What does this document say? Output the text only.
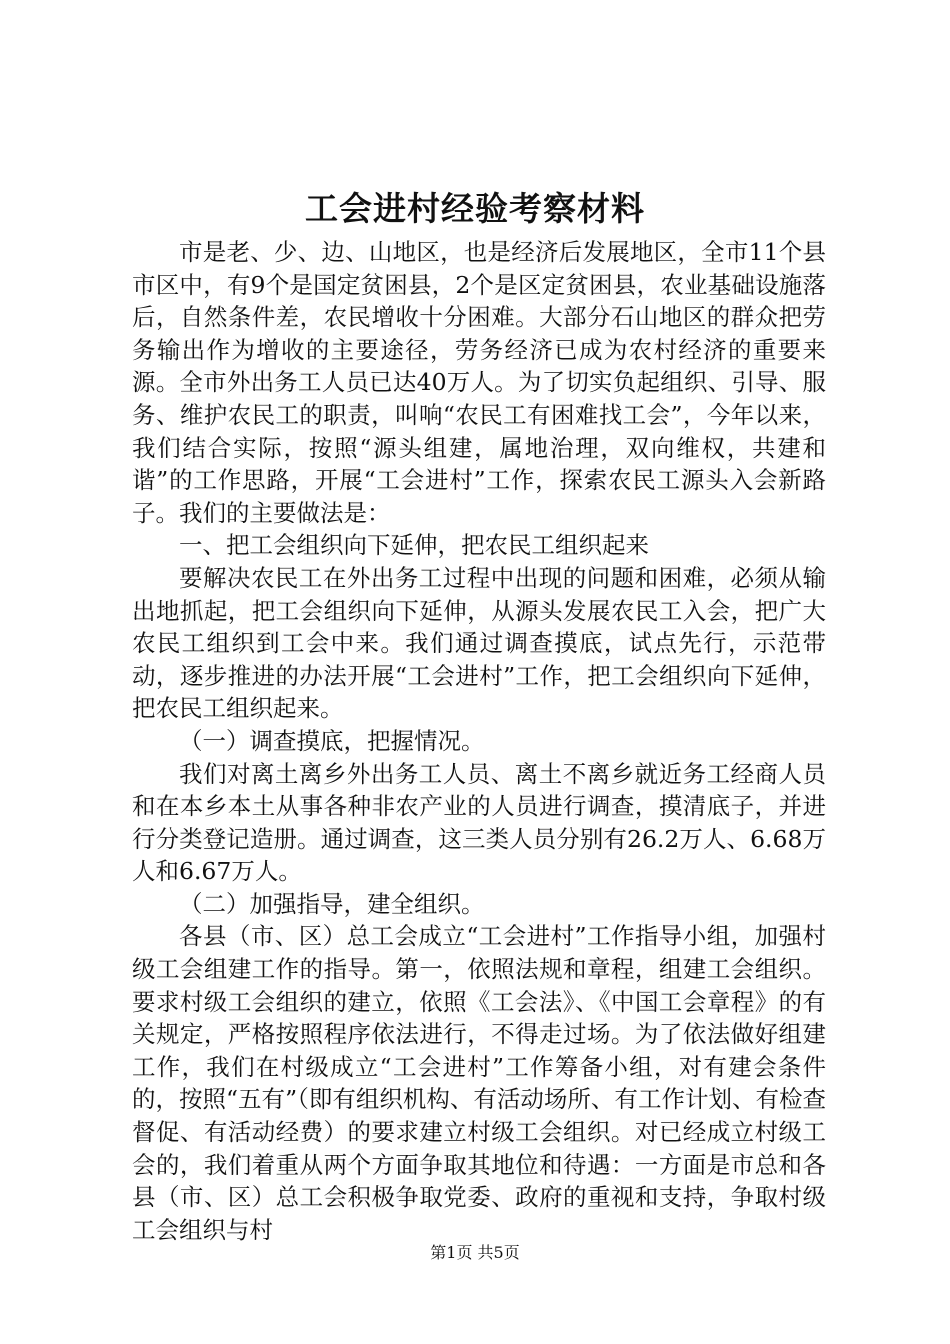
工会进村经验考察材料

市是老、少、边、山地区，也是经济后发展地区，全市11个县市区中，有9个是国定贫困县，2个是区定贫困县，农业基础设施落后，自然条件差，农民增收十分困难。大部分石山地区的群众把劳务输出作为增收的主要途径，劳务经济已成为农村经济的重要来源。全市外出务工人员已达40万人。为了切实负起组织、引导、服务、维护农民工的职责，叫响“农民工有困难找工会”，今年以来，我们结合实际，按照“源头组建，属地治理，双向维权，共建和谐”的工作思路，开展“工会进村”工作，探索农民工源头入会新路子。我们的主要做法是：

一、把工会组织向下延伸，把农民工组织起来

要解决农民工在外出务工过程中出现的问题和困难，必须从输出地抓起，把工会组织向下延伸，从源头发展农民工入会，把广大农民工组织到工会中来。我们通过调查摸底，试点先行，示范带动，逐步推进的办法开展“工会进村”工作，把工会组织向下延伸，把农民工组织起来。

（一）调查摸底，把握情况。

我们对离土离乡外出务工人员、离土不离乡就近务工经商人员和在本乡本土从事各种非农产业的人员进行调查，摸清底子，并进行分类登记造册。通过调查，这三类人员分别有26.2万人、6.68万人和6.67万人。

（二）加强指导，建全组织。

各县（市、区）总工会成立“工会进村”工作指导小组，加强村级工会组建工作的指导。第一，依照法规和章程，组建工会组织。要求村级工会组织的建立，依照《工会法》、《中国工会章程》的有关规定，严格按照程序依法进行，不得走过场。为了依法做好组建工作，我们在村级成立“工会进村”工作筹备小组，对有建会条件的，按照“五有”（即有组织机构、有活动场所、有工作计划、有检查督促、有活动经费）的要求建立村级工会组织。对已经成立村级工会的，我们着重从两个方面争取其地位和待遇：一方面是市总和各县（市、区）总工会积极争取党委、政府的重视和支持，争取村级工会组织与村

第1页 共5页
